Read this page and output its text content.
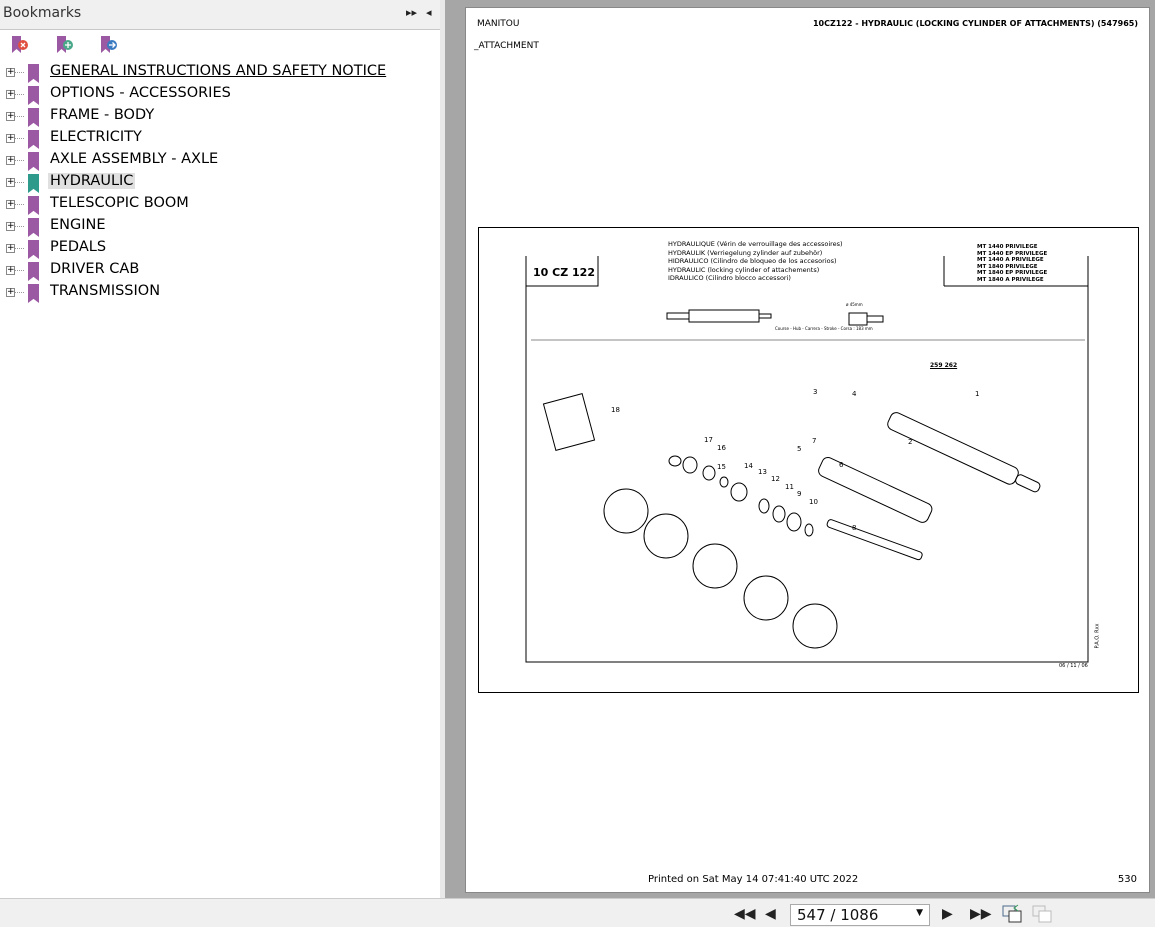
Bookmarks	▸▸ ◂
+ GENERAL INSTRUCTIONS AND SAFETY NOTICE
+ OPTIONS - ACCESSORIES
+ FRAME - BODY
+ ELECTRICITY
+ AXLE ASSEMBLY - AXLE
+ HYDRAULIC
+ TELESCOPIC BOOM
+ ENGINE
+ PEDALS
+ DRIVER CAB
+ TRANSMISSION
MANITOU	10CZ122 - HYDRAULIC (LOCKING CYLINDER OF ATTACHMENTS) (547965)
_ATTACHMENT
10 CZ 122
HYDRAULIQUE (Vérin de verrouillage des accessoires)
HYDRAULIK (Verriegelung zylinder auf zubehör)
HIDRAULICO (Cilindro de bloqueo de los accesorios)
HYDRAULIC (locking cylinder of attachements)
IDRAULICO (Cilindro blocco accessori)
MT 1440 PRIVILEGE
MT 1440 EP PRIVILEGE
MT 1440 A PRIVILEGE
MT 1840 PRIVILEGE
MT 1840 EP PRIVILEGE
MT 1840 A PRIVILEGE
Course - Hub - Carrera - Stroke - Corsa : 183 mm
ø 45mm
259 262
06 / 11 / 06
P.A.O. Rxx
1
2
3	4
5
6
7
8
9
10
11
12
13
14
15
16
17
18
Printed on Sat May 14 07:41:40 UTC 2022	530
◀◀ ◀	547 / 1086	▼ ▶ ▶▶
